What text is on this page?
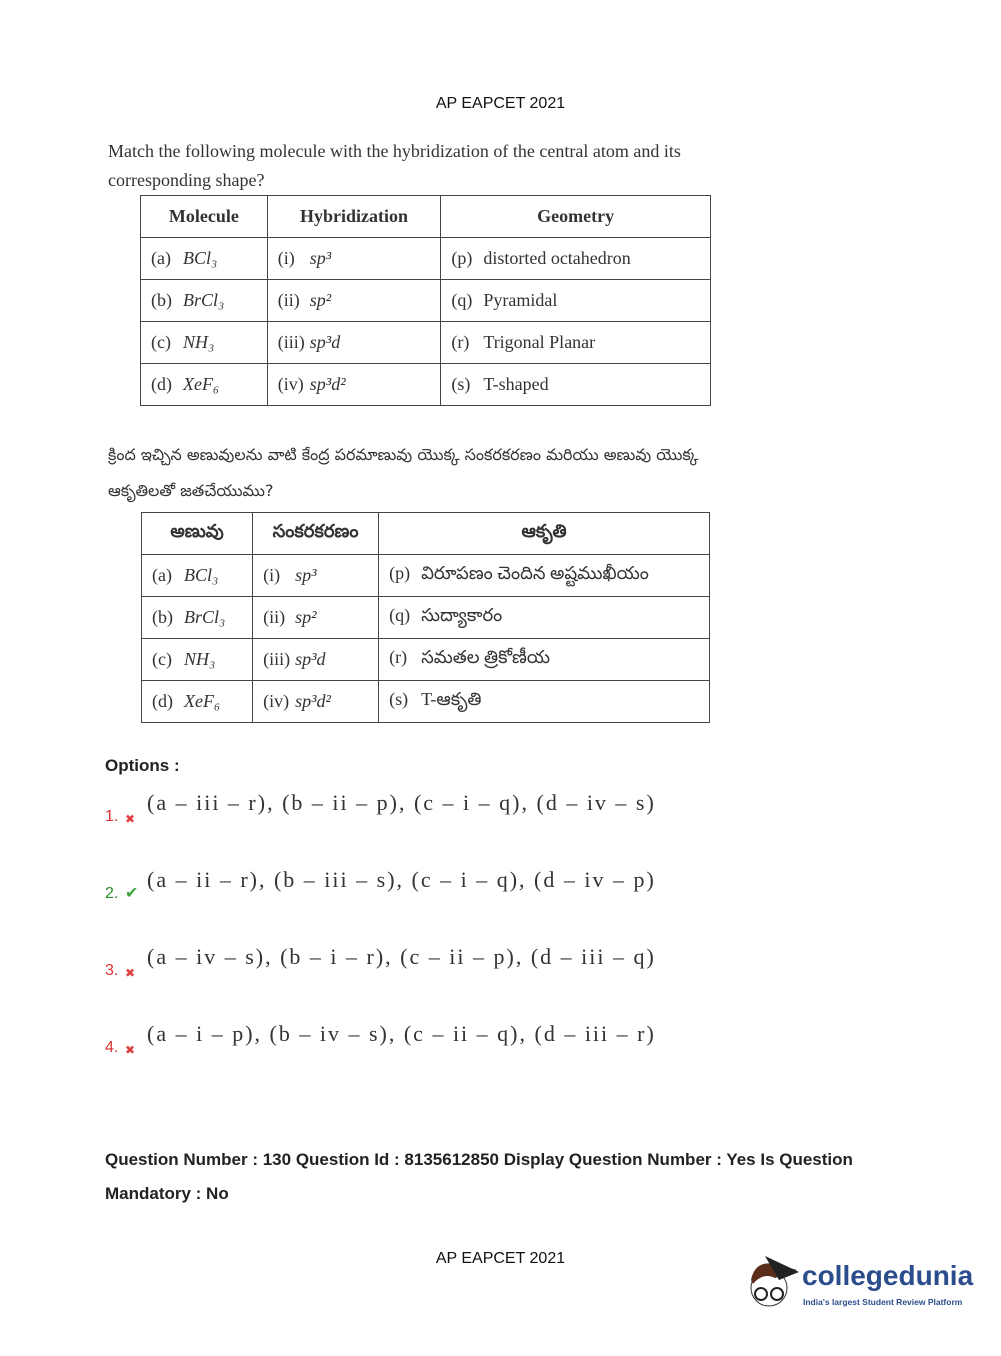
AP EAPCET 2021
Match the following molecule with the hybridization of the central atom and its corresponding shape?
Molecule	Hybridization	Geometry
(a) BCl₃	(i) sp³	(p) distorted octahedron
(b) BrCl₃	(ii) sp²	(q) Pyramidal
(c) NH₃	(iii) sp³d	(r) Trigonal Planar
(d) XeF₆	(iv) sp³d²	(s) T-shaped
క్రింద ఇచ్చిన అణువులను వాటి కేంద్ర పరమాణువు యొక్క సంకరకరణం మరియు అణువు యొక్క ఆకృతిలతో జతచేయుము?
అణువు	సంకరకరణం	ఆకృతి
(a) BCl₃	(i) sp³	(p) విరూపణం చెందిన అష్టముఖీయం
(b) BrCl₃	(ii) sp²	(q) సుద్యాకారం
(c) NH₃	(iii) sp³d	(r) సమతల త్రికోణీయ
(d) XeF₆	(iv) sp³d²	(s) T-ఆకృతి
Options :
1. ✖
(a – iii – r), (b – ii – p), (c – i – q), (d – iv – s)
2. ✔
(a – ii – r), (b – iii – s), (c – i – q), (d – iv – p)
3. ✖
(a – iv – s), (b – i – r), (c – ii – p), (d – iii – q)
4. ✖
(a – i – p), (b – iv – s), (c – ii – q), (d – iii – r)
Question Number : 130 Question Id : 8135612850 Display Question Number : Yes Is Question Mandatory : No
AP EAPCET 2021
collegedunia
India's largest Student Review Platform
